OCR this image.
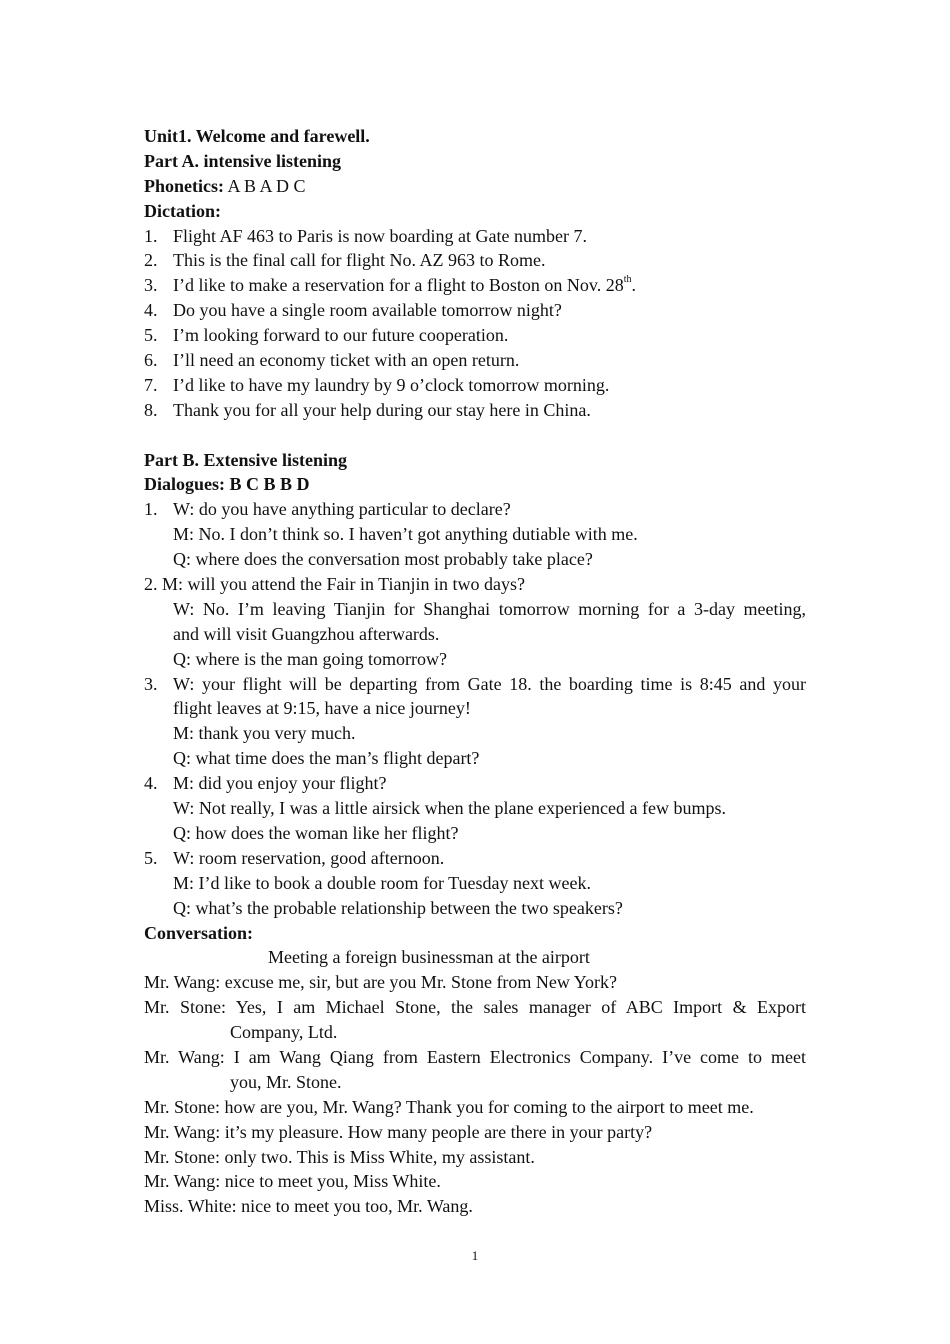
Unit1. Welcome and farewell.
Part A. intensive listening
Phonetics: A B A D C
Dictation:
1. Flight AF 463 to Paris is now boarding at Gate number 7.
2. This is the final call for flight No. AZ 963 to Rome.
3. I’d like to make a reservation for a flight to Boston on Nov. 28th.
4. Do you have a single room available tomorrow night?
5. I’m looking forward to our future cooperation.
6. I’ll need an economy ticket with an open return.
7. I’d like to have my laundry by 9 o’clock tomorrow morning.
8. Thank you for all your help during our stay here in China.
Part B. Extensive listening
Dialogues: B C B B D
1. W: do you have anything particular to declare?
M: No. I don’t think so. I haven’t got anything dutiable with me.
Q: where does the conversation most probably take place?
2. M: will you attend the Fair in Tianjin in two days?
W: No. I’m leaving Tianjin for Shanghai tomorrow morning for a 3-day meeting,
and will visit Guangzhou afterwards.
Q: where is the man going tomorrow?
3. W: your flight will be departing from Gate 18. the boarding time is 8:45 and your
flight leaves at 9:15, have a nice journey!
M: thank you very much.
Q: what time does the man’s flight depart?
4. M: did you enjoy your flight?
W: Not really, I was a little airsick when the plane experienced a few bumps.
Q: how does the woman like her flight?
5. W: room reservation, good afternoon.
M: I’d like to book a double room for Tuesday next week.
Q: what’s the probable relationship between the two speakers?
Conversation:
Meeting a foreign businessman at the airport
Mr. Wang: excuse me, sir, but are you Mr. Stone from New York?
Mr. Stone: Yes, I am Michael Stone, the sales manager of ABC Import & Export
Company, Ltd.
Mr. Wang: I am Wang Qiang from Eastern Electronics Company. I’ve come to meet
you, Mr. Stone.
Mr. Stone: how are you, Mr. Wang? Thank you for coming to the airport to meet me.
Mr. Wang: it’s my pleasure. How many people are there in your party?
Mr. Stone: only two. This is Miss White, my assistant.
Mr. Wang: nice to meet you, Miss White.
Miss. White: nice to meet you too, Mr. Wang.
1
